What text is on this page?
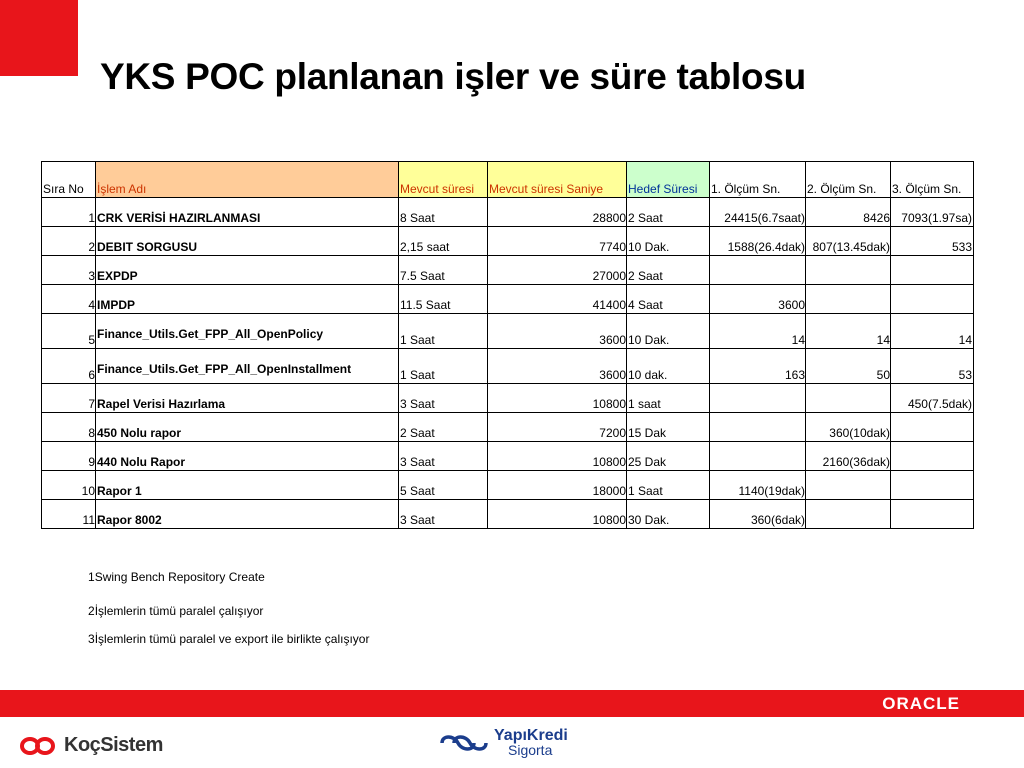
YKS POC planlanan işler ve süre tablosu
Sıra No	İşlem Adı	Mevcut süresi	Mevcut süresi Saniye	Hedef Süresi	1. Ölçüm Sn.	2. Ölçüm Sn.	3. Ölçüm Sn.
1	CRK VERİSİ HAZIRLANMASI	8 Saat	28800	2 Saat	24415(6.7saat)	8426	7093(1.97sa)
2	DEBIT SORGUSU	2,15 saat	7740	10 Dak.	1588(26.4dak)	807(13.45dak)	533
3	EXPDP	7.5 Saat	27000	2 Saat			
4	IMPDP	11.5 Saat	41400	4 Saat	3600		
5	Finance_Utils.Get_FPP_All_OpenPolicy	1 Saat	3600	10 Dak.	14	14	14
6	Finance_Utils.Get_FPP_All_OpenInstallment	1 Saat	3600	10 dak.	163	50	53
7	Rapel Verisi Hazırlama	3 Saat	10800	1 saat			450(7.5dak)
8	450 Nolu rapor	2 Saat	7200	15 Dak		360(10dak)	
9	440 Nolu Rapor	3 Saat	10800	25 Dak		2160(36dak)	
10	Rapor 1	5 Saat	18000	1 Saat	1140(19dak)		
11	Rapor 8002	3 Saat	10800	30 Dak.	360(6dak)		
1Swing Bench Repository Create
2İşlemlerin tümü paralel çalışıyor
3İşlemlerin tümü paralel ve export ile birlikte çalışıyor
ORACLE
KoçSistem	YapıKredi
Sigorta
